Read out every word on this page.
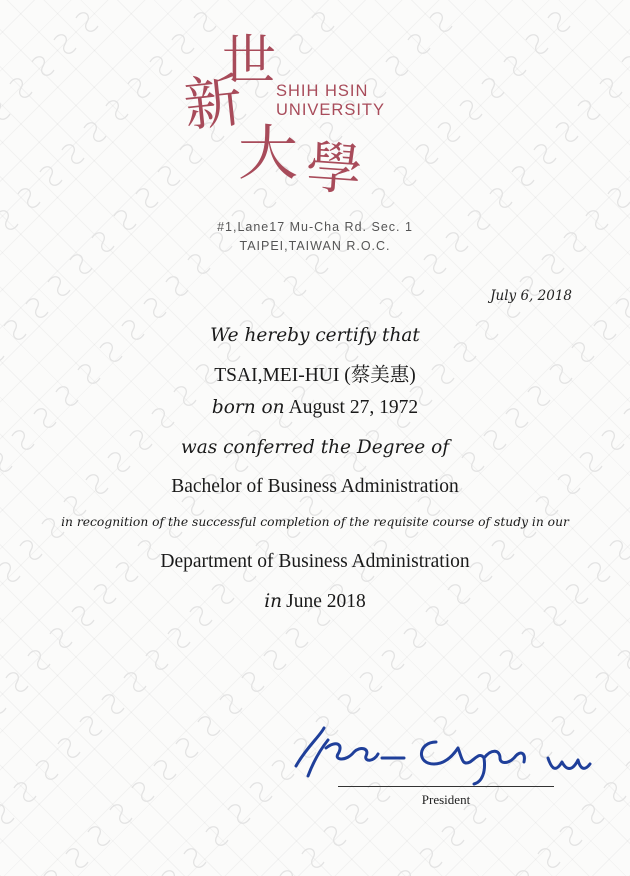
世
新
大 學
SHIH HSIN
UNIVERSITY
#1,Lane17 Mu-Cha Rd. Sec. 1
TAIPEI,TAIWAN R.O.C.
July 6, 2018
We hereby certify that
TSAI,MEI-HUI (蔡美惠)
born on August 27, 1972
was conferred the Degree of
Bachelor of Business Administration
in recognition of the successful completion of the requisite course of study in our
Department of Business Administration
in June 2018
President
